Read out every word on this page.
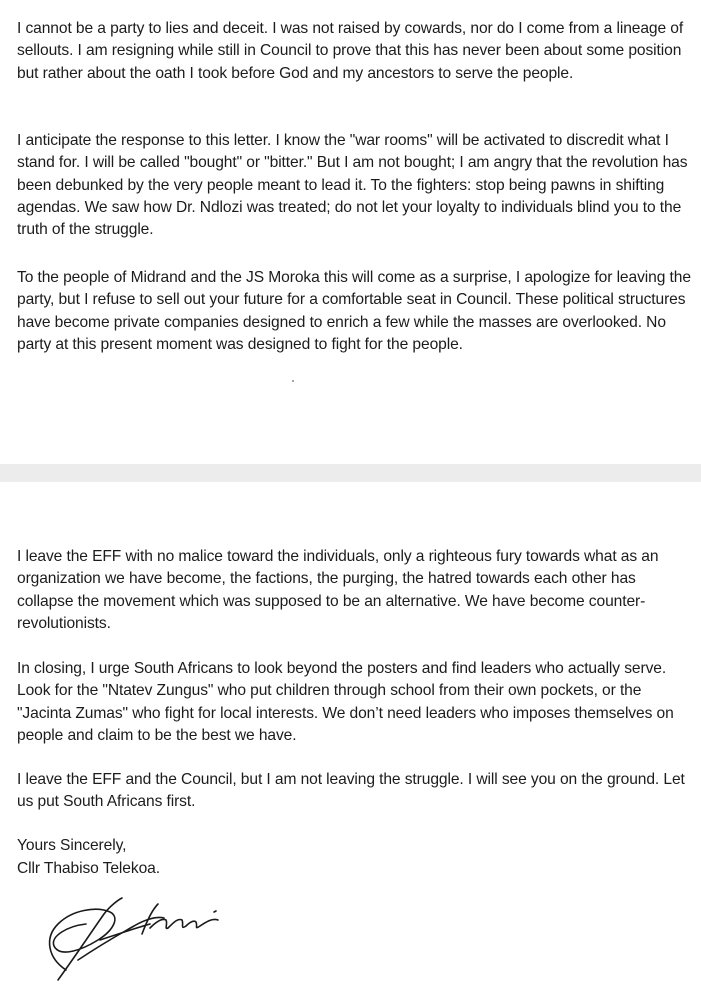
I cannot be a party to lies and deceit. I was not raised by cowards, nor do I come from a lineage of sellouts. I am resigning while still in Council to prove that this has never been about some position but rather about the oath I took before God and my ancestors to serve the people.

I anticipate the response to this letter. I know the "war rooms" will be activated to discredit what I stand for. I will be called "bought" or "bitter." But I am not bought; I am angry that the revolution has been debunked by the very people meant to lead it. To the fighters: stop being pawns in shifting agendas. We saw how Dr. Ndlozi was treated; do not let your loyalty to individuals blind you to the truth of the struggle.

To the people of Midrand and the JS Moroka this will come as a surprise, I apologize for leaving the party, but I refuse to sell out your future for a comfortable seat in Council. These political structures have become private companies designed to enrich a few while the masses are overlooked. No party at this present moment was designed to fight for the people.

I leave the EFF with no malice toward the individuals, only a righteous fury towards what as an organization we have become, the factions, the purging, the hatred towards each other has collapse the movement which was supposed to be an alternative. We have become counter-revolutionists.

In closing, I urge South Africans to look beyond the posters and find leaders who actually serve. Look for the "Ntatev Zungus" who put children through school from their own pockets, or the "Jacinta Zumas" who fight for local interests. We don’t need leaders who imposes themselves on people and claim to be the best we have.

I leave the EFF and the Council, but I am not leaving the struggle. I will see you on the ground. Let us put South Africans first.

Yours Sincerely,

Cllr Thabiso Telekoa.
